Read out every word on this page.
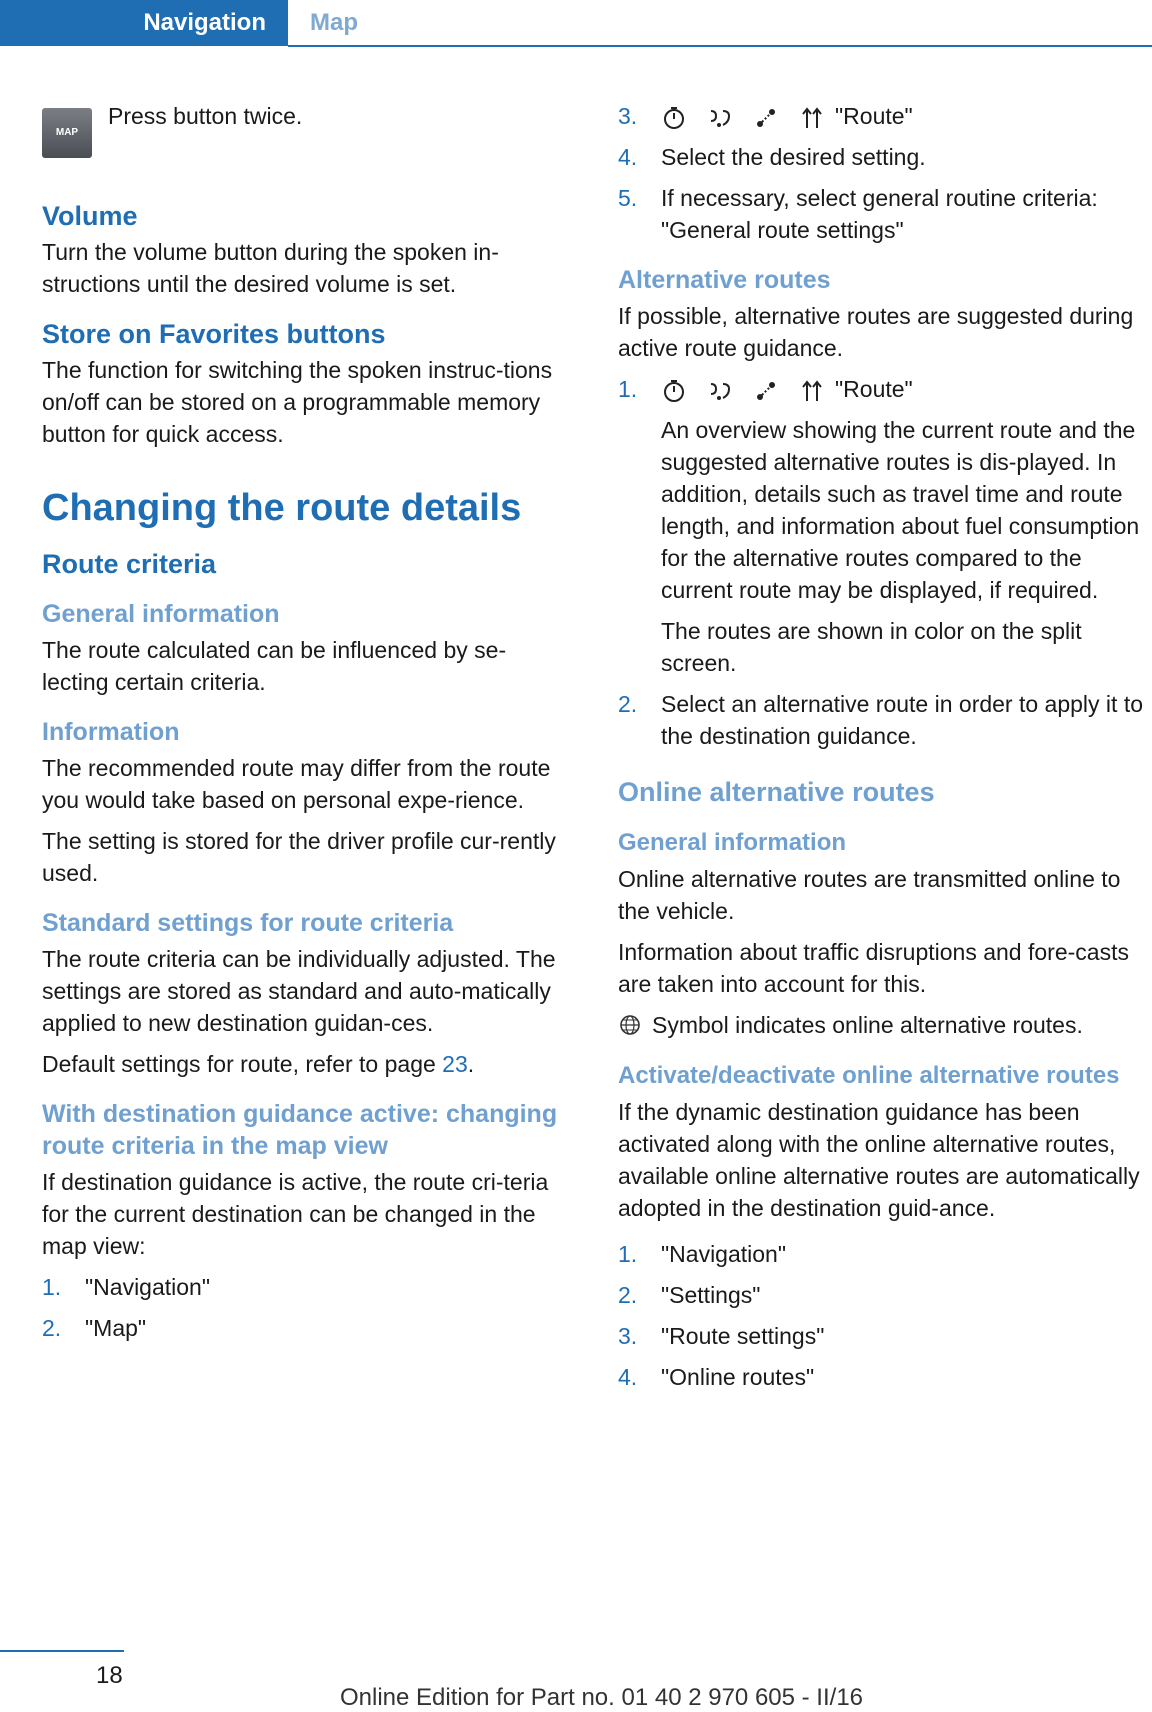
Navigation	Map
MAP
Press button twice.
Volume

Turn the volume button during the spoken in‐structions until the desired volume is set.

Store on Favorites buttons

The function for switching the spoken instruc‐tions on/off can be stored on a programmable memory button for quick access.

Changing the route details
Route criteria
General information

The route calculated can be influenced by se‐lecting certain criteria.

Information

The recommended route may differ from the route you would take based on personal expe‐rience.

The setting is stored for the driver profile cur‐rently used.

Standard settings for route criteria

The route criteria can be individually adjusted. The settings are stored as standard and auto‐matically applied to new destination guidan‐ces.

Default settings for route, refer to page 23.

With destination guidance active: changing route criteria in the map view

If destination guidance is active, the route cri‐teria for the current destination can be changed in the map view:

1. "Navigation"
2. "Map"
3.	"Route"
4. Select the desired setting.
5. If necessary, select general routine criteria: "General route settings"
Alternative routes

If possible, alternative routes are suggested during active route guidance.

1.	"Route"
An overview showing the current route and the suggested alternative routes is dis‐played. In addition, details such as travel time and route length, and information about fuel consumption for the alternative routes compared to the current route may be displayed, if required.
The routes are shown in color on the split screen.
2. Select an alternative route in order to apply it to the destination guidance.
Online alternative routes
General information

Online alternative routes are transmitted online to the vehicle.

Information about traffic disruptions and fore‐casts are taken into account for this.

Symbol indicates online alternative routes.

Activate/deactivate online alternative routes

If the dynamic destination guidance has been activated along with the online alternative routes, available online alternative routes are automatically adopted in the destination guid‐ance.

1. "Navigation"
2. "Settings"
3. "Route settings"
4. "Online routes"
18
Online Edition for Part no. 01 40 2 970 605 - II/16
